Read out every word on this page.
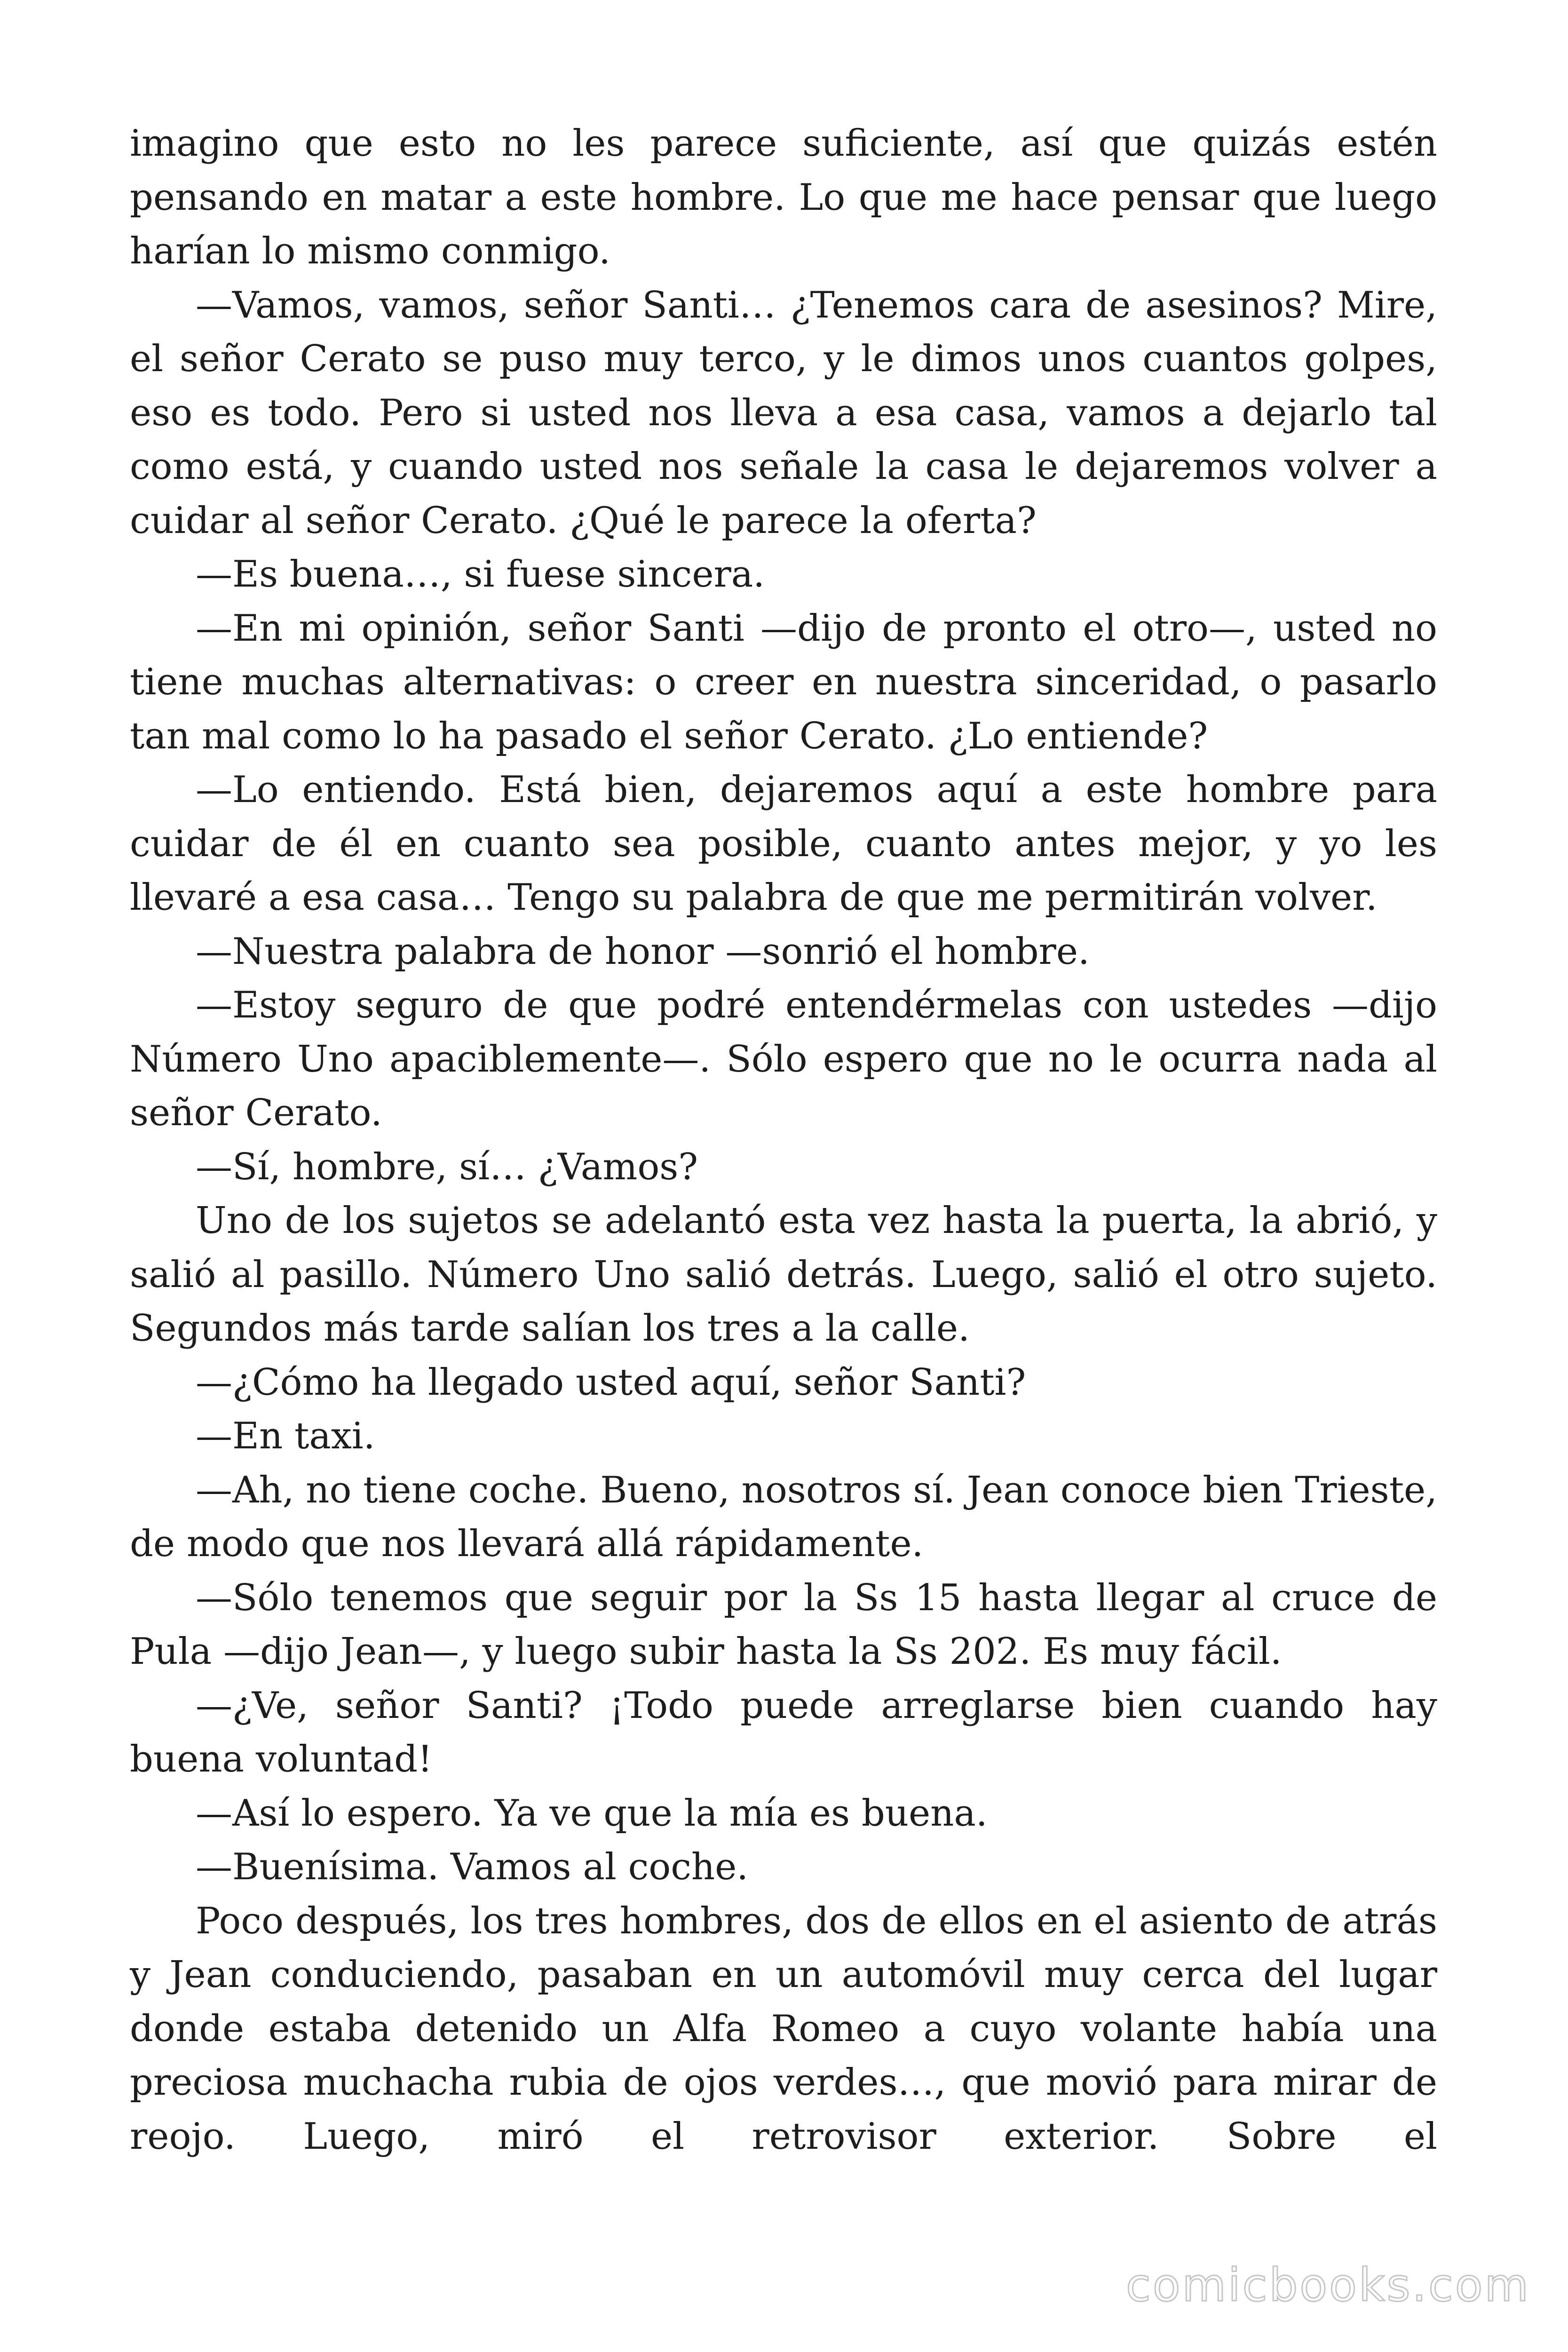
imagino que esto no les parece suficiente, así que quizás estén pensando en matar a este hombre. Lo que me hace pensar que luego harían lo mismo conmigo.

—Vamos, vamos, señor Santi… ¿Tenemos cara de asesinos? Mire, el señor Cerato se puso muy terco, y le dimos unos cuantos golpes, eso es todo. Pero si usted nos lleva a esa casa, vamos a dejarlo tal como está, y cuando usted nos señale la casa le dejaremos volver a cuidar al señor Cerato. ¿Qué le parece la oferta?

—Es buena…, si fuese sincera.

—En mi opinión, señor Santi —dijo de pronto el otro—, usted no tiene muchas alternativas: o creer en nuestra sinceridad, o pasarlo tan mal como lo ha pasado el señor Cerato. ¿Lo entiende?

—Lo entiendo. Está bien, dejaremos aquí a este hombre para cuidar de él en cuanto sea posible, cuanto antes mejor, y yo les llevaré a esa casa… Tengo su palabra de que me permitirán volver.

—Nuestra palabra de honor —sonrió el hombre.

—Estoy seguro de que podré entendérmelas con ustedes —dijo Número Uno apaciblemente—. Sólo espero que no le ocurra nada al señor Cerato.

—Sí, hombre, sí… ¿Vamos?

Uno de los sujetos se adelantó esta vez hasta la puerta, la abrió, y salió al pasillo. Número Uno salió detrás. Luego, salió el otro sujeto. Segundos más tarde salían los tres a la calle.

—¿Cómo ha llegado usted aquí, señor Santi?

—En taxi.

—Ah, no tiene coche. Bueno, nosotros sí. Jean conoce bien Trieste, de modo que nos llevará allá rápidamente.

—Sólo tenemos que seguir por la Ss 15 hasta llegar al cruce de Pula —dijo Jean—, y luego subir hasta la Ss 202. Es muy fácil.

—¿Ve, señor Santi? ¡Todo puede arreglarse bien cuando hay buena voluntad!

—Así lo espero. Ya ve que la mía es buena.

—Buenísima. Vamos al coche.

Poco después, los tres hombres, dos de ellos en el asiento de atrás y Jean conduciendo, pasaban en un automóvil muy cerca del lugar donde estaba detenido un Alfa Romeo a cuyo volante había una preciosa muchacha rubia de ojos verdes…, que movió para mirar de reojo. Luego, miró el retrovisor exterior. Sobre el

comicbooks.com
